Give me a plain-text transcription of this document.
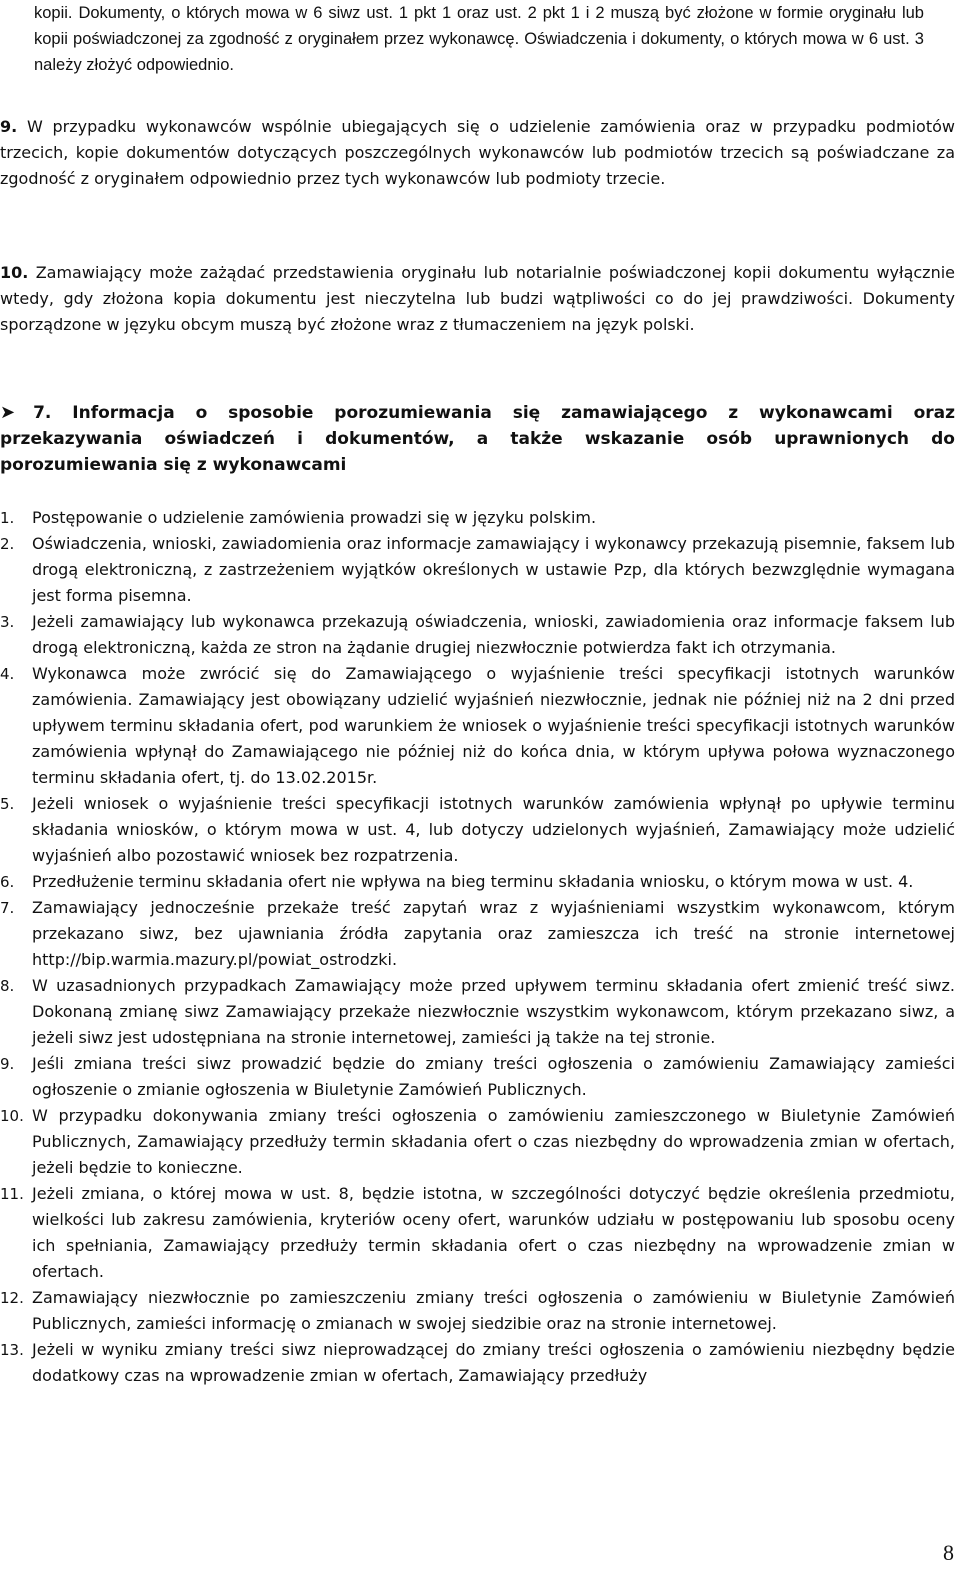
kopii. Dokumenty, o których mowa w 6 siwz ust. 1 pkt 1 oraz ust. 2 pkt 1 i 2 muszą być złożone w formie oryginału lub kopii poświadczonej za zgodność z oryginałem przez wykonawcę. Oświadczenia i dokumenty, o których mowa w 6 ust. 3 należy złożyć odpowiednio.

9. W przypadku wykonawców wspólnie ubiegających się o udzielenie zamówienia oraz w przypadku podmiotów trzecich, kopie dokumentów dotyczących poszczególnych wykonawców lub podmiotów trzecich są poświadczane za zgodność z oryginałem odpowiednio przez tych wykonawców lub podmioty trzecie.

10. Zamawiający może zażądać przedstawienia oryginału lub notarialnie poświadczonej kopii dokumentu wyłącznie wtedy, gdy złożona kopia dokumentu jest nieczytelna lub budzi wątpliwości co do jej prawdziwości. Dokumenty sporządzone w języku obcym muszą być złożone wraz z tłumaczeniem na język polski.

➤ 7. Informacja o sposobie porozumiewania się zamawiającego z wykonawcami oraz przekazywania oświadczeń i dokumentów, a także wskazanie osób uprawnionych do porozumiewania się z wykonawcami
1. Postępowanie o udzielenie zamówienia prowadzi się w języku polskim.
2. Oświadczenia, wnioski, zawiadomienia oraz informacje zamawiający i wykonawcy przekazują pisemnie, faksem lub drogą elektroniczną, z zastrzeżeniem wyjątków określonych w ustawie Pzp, dla których bezwzględnie wymagana jest forma pisemna.
3. Jeżeli zamawiający lub wykonawca przekazują oświadczenia, wnioski, zawiadomienia oraz informacje faksem lub drogą elektroniczną, każda ze stron na żądanie drugiej niezwłocznie potwierdza fakt ich otrzymania.
4. Wykonawca może zwrócić się do Zamawiającego o wyjaśnienie treści specyfikacji istotnych warunków zamówienia. Zamawiający jest obowiązany udzielić wyjaśnień niezwłocznie, jednak nie później niż na 2 dni przed upływem terminu składania ofert, pod warunkiem że wniosek o wyjaśnienie treści specyfikacji istotnych warunków zamówienia wpłynął do Zamawiającego nie później niż do końca dnia, w którym upływa połowa wyznaczonego terminu składania ofert, tj. do 13.02.2015r.
5. Jeżeli wniosek o wyjaśnienie treści specyfikacji istotnych warunków zamówienia wpłynął po upływie terminu składania wniosków, o którym mowa w ust. 4, lub dotyczy udzielonych wyjaśnień, Zamawiający może udzielić wyjaśnień albo pozostawić wniosek bez rozpatrzenia.
6. Przedłużenie terminu składania ofert nie wpływa na bieg terminu składania wniosku, o którym mowa w ust. 4.
7. Zamawiający jednocześnie przekaże treść zapytań wraz z wyjaśnieniami wszystkim wykonawcom, którym przekazano siwz, bez ujawniania źródła zapytania oraz zamieszcza ich treść na stronie internetowej http://bip.warmia.mazury.pl/powiat_ostrodzki.
8. W uzasadnionych przypadkach Zamawiający może przed upływem terminu składania ofert zmienić treść siwz. Dokonaną zmianę siwz Zamawiający przekaże niezwłocznie wszystkim wykonawcom, którym przekazano siwz, a jeżeli siwz jest udostępniana na stronie internetowej, zamieści ją także na tej stronie.
9. Jeśli zmiana treści siwz prowadzić będzie do zmiany treści ogłoszenia o zamówieniu Zamawiający zamieści ogłoszenie o zmianie ogłoszenia w Biuletynie Zamówień Publicznych.
10. W przypadku dokonywania zmiany treści ogłoszenia o zamówieniu zamieszczonego w Biuletynie Zamówień Publicznych, Zamawiający przedłuży termin składania ofert o czas niezbędny do wprowadzenia zmian w ofertach, jeżeli będzie to konieczne.
11. Jeżeli zmiana, o której mowa w ust. 8, będzie istotna, w szczególności dotyczyć będzie określenia przedmiotu, wielkości lub zakresu zamówienia, kryteriów oceny ofert, warunków udziału w postępowaniu lub sposobu oceny ich spełniania, Zamawiający przedłuży termin składania ofert o czas niezbędny na wprowadzenie zmian w ofertach.
12. Zamawiający niezwłocznie po zamieszczeniu zmiany treści ogłoszenia o zamówieniu w Biuletynie Zamówień Publicznych, zamieści informację o zmianach w swojej siedzibie oraz na stronie internetowej.
13. Jeżeli w wyniku zmiany treści siwz nieprowadzącej do zmiany treści ogłoszenia o zamówieniu niezbędny będzie dodatkowy czas na wprowadzenie zmian w ofertach, Zamawiający przedłuży
8
